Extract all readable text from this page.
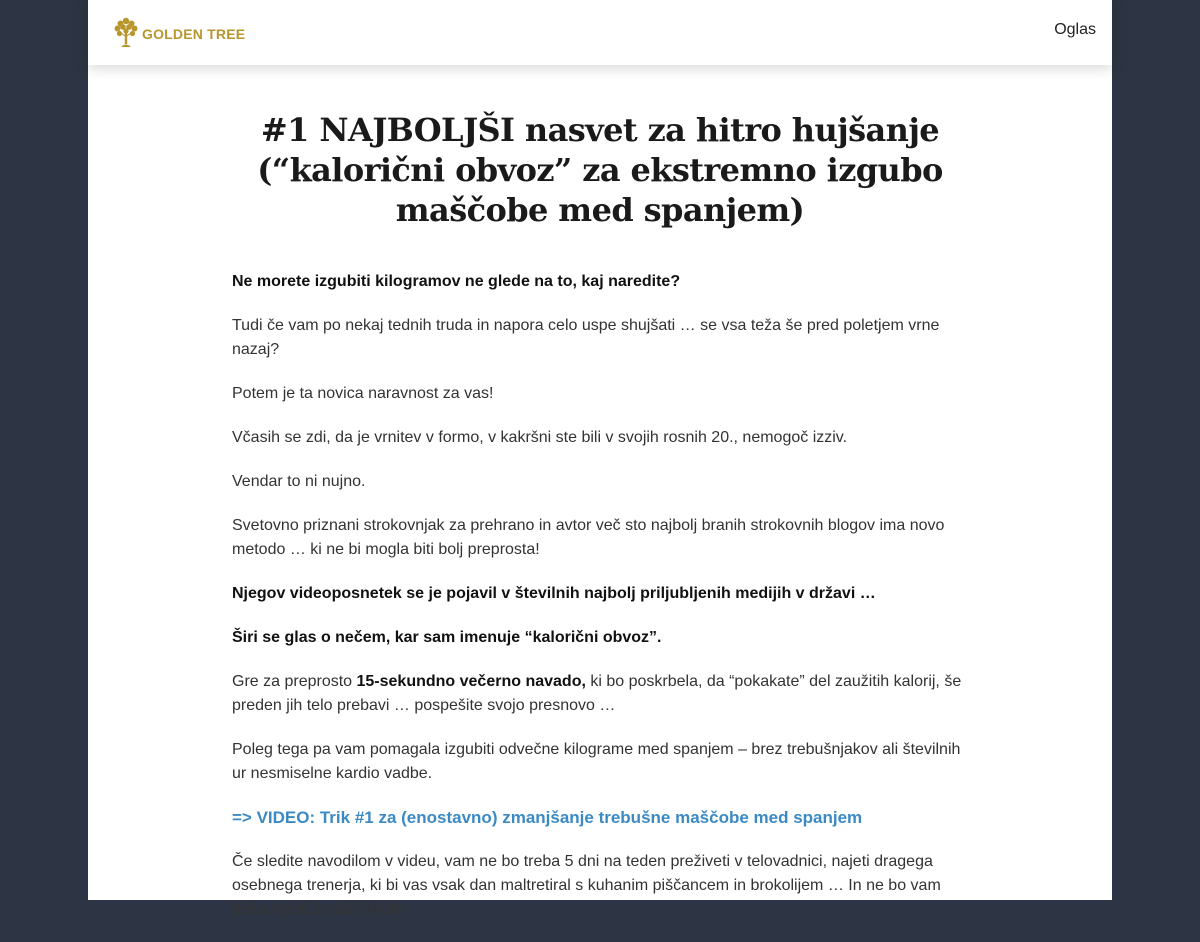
GOLDEN TREE	Oglas
#1 NAJBOLJŠI nasvet za hitro hujšanje (“kalorični obvoz” za ekstremno izgubo maščobe med spanjem)

Ne morete izgubiti kilogramov ne glede na to, kaj naredite?

Tudi če vam po nekaj tednih truda in napora celo uspe shujšati … se vsa teža še pred poletjem vrne nazaj?

Potem je ta novica naravnost za vas!

Včasih se zdi, da je vrnitev v formo, v kakršni ste bili v svojih rosnih 20., nemogoč izziv.

Vendar to ni nujno.

Svetovno priznani strokovnjak za prehrano in avtor več sto najbolj branih strokovnih blogov ima novo metodo … ki ne bi mogla biti bolj preprosta!

Njegov videoposnetek se je pojavil v številnih najbolj priljubljenih medijih v državi …

Širi se glas o nečem, kar sam imenuje “kalorični obvoz”.

Gre za preprosto 15-sekundno večerno navado, ki bo poskrbela, da “pokakate” del zaužitih kalorij, še preden jih telo prebavi … pospešite svojo presnovo …

Poleg tega pa vam pomagala izgubiti odvečne kilograme med spanjem – brez trebušnjakov ali številnih ur nesmiselne kardio vadbe.

=> VIDEO: Trik #1 za (enostavno) zmanjšanje trebušne maščobe med spanjem

Če sledite navodilom v videu, vam ne bo treba 5 dni na teden preživeti v telovadnici, najeti dragega osebnega trenerja, ki bi vas vsak dan maltretiral s kuhanim piščancem in brokolijem … In ne bo vam treba trpeti zaradi lakote.
